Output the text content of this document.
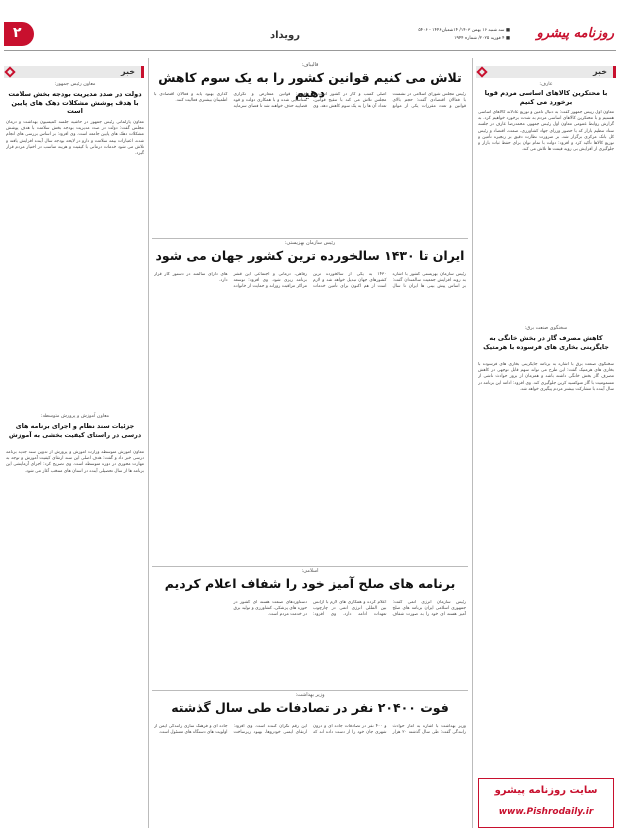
۲	رویداد	روزنامه پیشرو
■ سه شنبه ۱۶ بهمن ۱۴۰۳/ ۱۴شعبان۱۴۴۶ - ۵۴۰۶
■ ۴ فوریه ۲۰۲۵/ شماره ۱۹۴۴
خبر
عارف:
با محتکرین کالاهای اساسی مردم قویا برخورد می کنیم
معاون اول رییس جمهور گفت: به دنبال تأمین و توزیع عادلانه کالاهای اساسی هستیم و با محتکرین کالاهای اساسی مردم به شدت برخورد خواهیم کرد. به گزارش روابط عمومی معاون اول رئیس جمهور، محمدرضا عارف در جلسه ستاد تنظیم بازار که با حضور وزرای جهاد کشاورزی، صمت، اقتصاد و رئیس کل بانک مرکزی برگزار شد، بر ضرورت نظارت دقیق بر زنجیره تأمین و توزیع کالاها تأکید کرد و افزود: دولت با تمام توان برای حفظ ثبات بازار و جلوگیری از افزایش بی رویه قیمت ها تلاش می کند.
سخنگوی صنعت برق:
کاهش مصرف گاز در بخش خانگی به جایگزینی بخاری های فرسوده با هرمتیک
سخنگوی صنعت برق با اشاره به برنامه جایگزینی بخاری های فرسوده با بخاری های هرمتیک گفت: این طرح می تواند سهم قابل توجهی در کاهش مصرف گاز بخش خانگی داشته باشد و همزمان از بروز حوادث ناشی از مسمومیت با گاز منوکسید کربن جلوگیری کند. وی افزود: ادامه این برنامه در سال آینده با مشارکت بیشتر مردم پیگیری خواهد شد.
سایت روزنامه پیشرو
www.Pishrodaily.ir
خبر
معاون رئیس جمهور:
دولت در صدد مدیریت بودجه بخش سلامت با هدف پوشش مشکلات دهک های پایین است
معاون پارلمانی رئیس جمهور در حاشیه جلسه کمیسیون بهداشت و درمان مجلس گفت: دولت در صدد مدیریت بودجه بخش سلامت با هدف پوشش مشکلات دهک های پایین جامعه است. وی افزود: بر اساس بررسی های انجام شده، اعتبارات بیمه سلامت و دارو در لایحه بودجه سال آینده افزایش یافته و تلاش می شود خدمات درمانی با کیفیت و هزینه مناسب در اختیار مردم قرار گیرد.
معاون آموزش و پرورش متوسطه:
جزئیات سند نظام و اجرای برنامه های درسی در راستای کیفیت بخشی به آموزش
معاون آموزش متوسطه وزارت آموزش و پرورش از تدوین سند جدید برنامه درسی خبر داد و گفت: هدف اصلی این سند ارتقای کیفیت آموزش و توجه به مهارت محوری در دوره متوسطه است. وی تصریح کرد: اجرای آزمایشی این برنامه ها از سال تحصیلی آینده در استان های منتخب آغاز می شود.
قالیباف:
تلاش می کنیم قوانین کشور را به یک سوم کاهش دهیم	رئیس مجلس شورای اسلامی در نشست با فعالان اقتصادی گفت: حجم بالای قوانین و تعدد مقررات یکی از موانع اصلی کسب و کار در کشور است و مجلس تلاش می کند با تنقیح قوانین، تعداد آن ها را به یک سوم کاهش دهد. وی افزود: قوانین متعارض و تکراری شناسایی شده و با همکاری دولت و قوه قضاییه حذف خواهند شد تا فضای سرمایه گذاری بهبود یابد و فعالان اقتصادی با اطمینان بیشتری فعالیت کنند.
رئیس سازمان بهزیستی:
ایران تا ۱۴۳۰ سالخورده ترین کشور جهان می شود
رئیس سازمان بهزیستی کشور با اشاره به روند افزایش جمعیت سالمندان گفت: بر اساس پیش بینی ها ایران تا سال ۱۴۳۰ به یکی از سالخورده ترین کشورهای جهان تبدیل خواهد شد و لازم است از هم اکنون برای تأمین خدمات رفاهی، درمانی و اجتماعی این قشر برنامه ریزی شود. وی افزود: توسعه مراکز مراقبت روزانه و حمایت از خانواده های دارای سالمند در دستور کار قرار دارد.
اسلامی:
برنامه های صلح آمیز خود را شفاف اعلام کردیم
رئیس سازمان انرژی اتمی گفت: جمهوری اسلامی ایران برنامه های صلح آمیز هسته ای خود را به صورت شفاف اعلام کرده و همکاری های لازم با آژانس بین المللی انرژی اتمی در چارچوب تعهدات ادامه دارد. وی افزود: دستاوردهای صنعت هسته ای کشور در حوزه های پزشکی، کشاورزی و تولید برق در خدمت مردم است.
وزیر بهداشت:
فوت ۲۰۴۰۰ نفر در تصادفات طی سال گذشته
وزیر بهداشت با اشاره به آمار حوادث رانندگی گفت: طی سال گذشته ۲۰ هزار و ۴۰۰ نفر در تصادفات جاده ای و درون شهری جان خود را از دست داده اند که این رقم نگران کننده است. وی افزود: ارتقای ایمنی خودروها، بهبود زیرساخت جاده ای و فرهنگ سازی رانندگی ایمن از اولویت های دستگاه های مسئول است.
